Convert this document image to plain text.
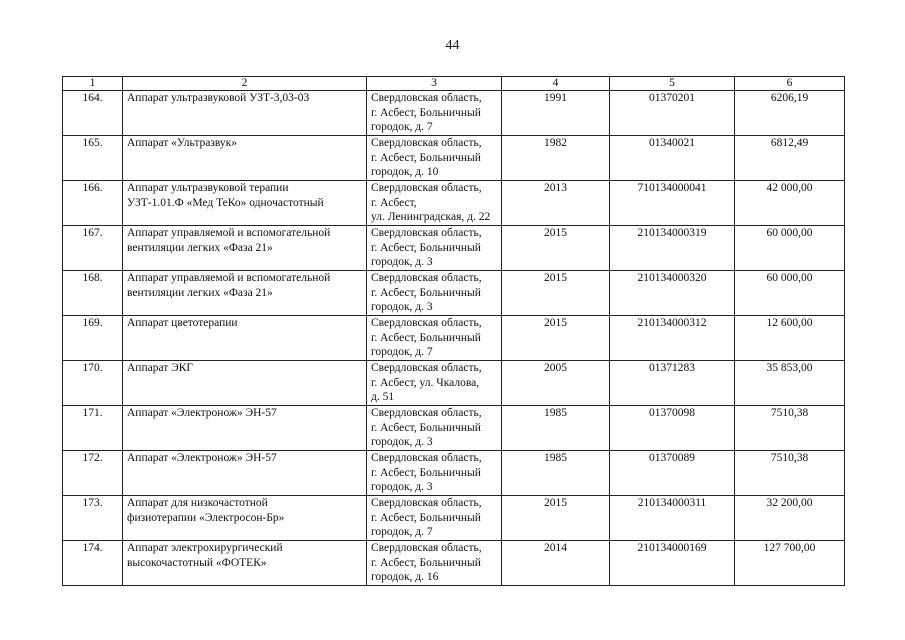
44
1	2	3	4	5	6
164.	Аппарат ультразвуковой УЗТ-3,03-03	Свердловская область,
г. Асбест, Больничный
городок, д. 7	1991	01370201	6206,19
165.	Аппарат «Ультразвук»	Свердловская область,
г. Асбест, Больничный
городок, д. 10	1982	01340021	6812,49
166.	Аппарат ультразвуковой терапии
УЗТ-1.01.Ф «Мед ТеКо» одночастотный	Свердловская область,
г. Асбест,
ул. Ленинградская, д. 22	2013	710134000041	42 000,00
167.	Аппарат управляемой и вспомогательной
вентиляции легких «Фаза 21»	Свердловская область,
г. Асбест, Больничный
городок, д. 3	2015	210134000319	60 000,00
168.	Аппарат управляемой и вспомогательной
вентиляции легких «Фаза 21»	Свердловская область,
г. Асбест, Больничный
городок, д. 3	2015	210134000320	60 000,00
169.	Аппарат цветотерапии	Свердловская область,
г. Асбест, Больничный
городок, д. 7	2015	210134000312	12 600,00
170.	Аппарат ЭКГ	Свердловская область,
г. Асбест, ул. Чкалова,
д. 51	2005	01371283	35 853,00
171.	Аппарат «Электронож» ЭН-57	Свердловская область,
г. Асбест, Больничный
городок, д. 3	1985	01370098	7510,38
172.	Аппарат «Электронож» ЭН-57	Свердловская область,
г. Асбест, Больничный
городок, д. 3	1985	01370089	7510,38
173.	Аппарат для низкочастотной
физиотерапии «Электросон-Бр»	Свердловская область,
г. Асбест, Больничный
городок, д. 7	2015	210134000311	32 200,00
174.	Аппарат электрохирургический
высокочастотный «ФОТЕК»	Свердловская область,
г. Асбест, Больничный
городок, д. 16	2014	210134000169	127 700,00
